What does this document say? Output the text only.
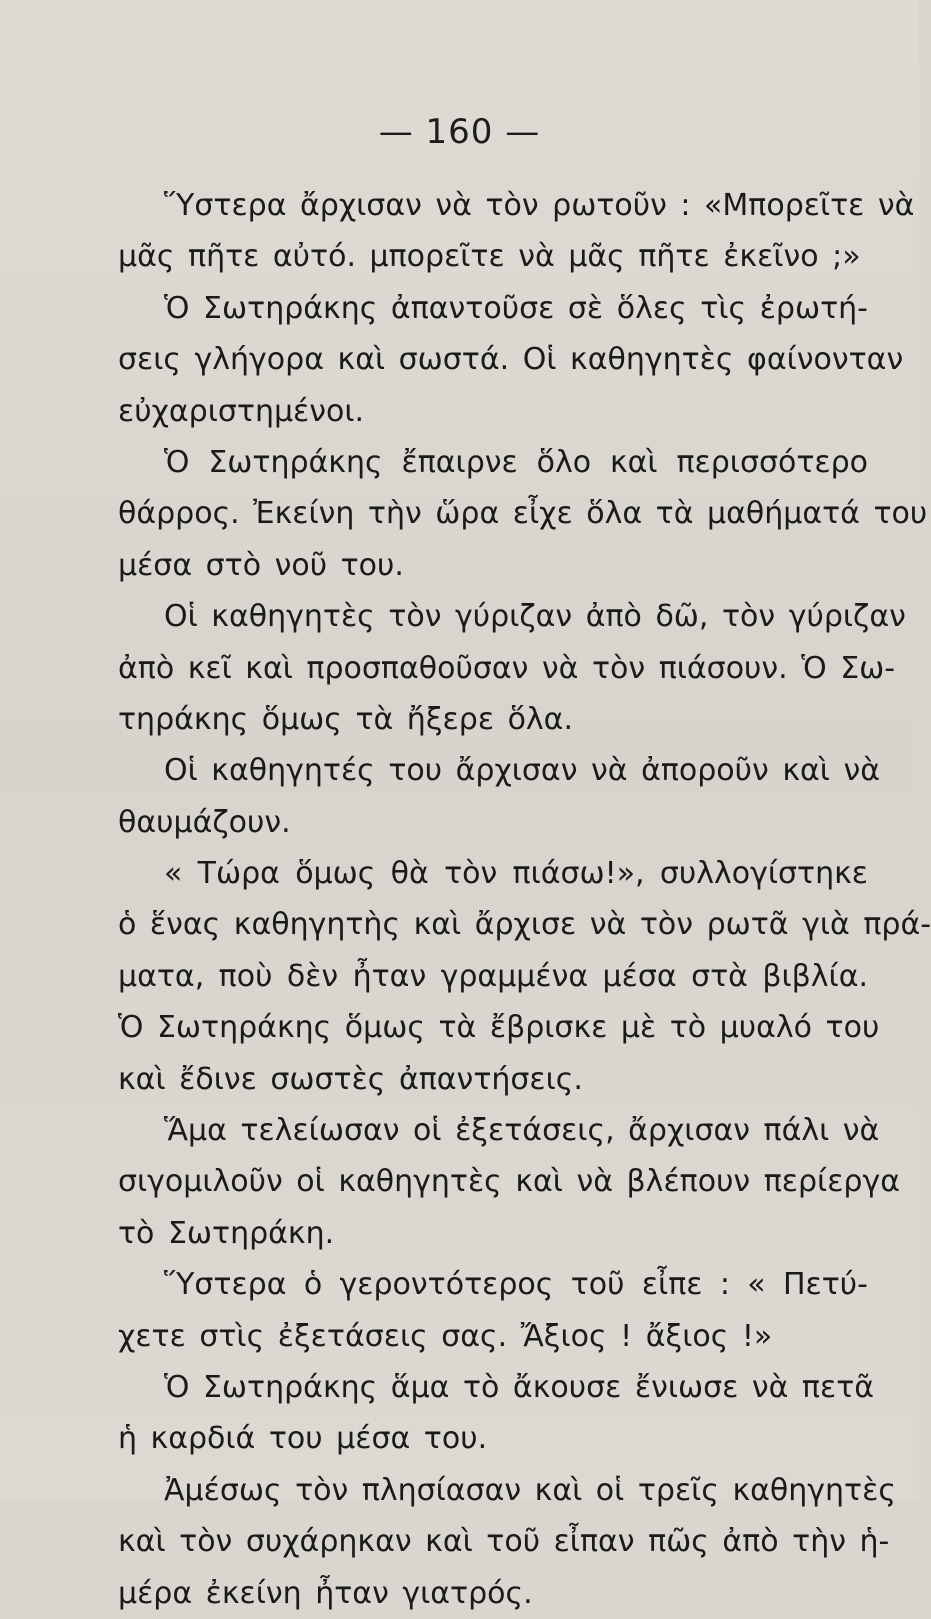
— 160 —
Ὕστερα ἄρχισαν νὰ τὸν ρωτοῦν : «Μπορεῖτε νὰ
μᾶς πῆτε αὐτό. μπορεῖτε νὰ μᾶς πῆτε ἐκεῖνο ;»
Ὁ Σωτηράκης ἀπαντοῦσε σὲ ὅλες τὶς ἐρωτή-
σεις γλήγορα καὶ σωστά. Οἱ καθηγητὲς φαίνονταν
εὐχαριστημένοι.
Ὁ Σωτηράκης ἔπαιρνε ὅλο καὶ περισσότερο
θάρρος. Ἐκείνη τὴν ὥρα εἶχε ὅλα τὰ μαθήματά του
μέσα στὸ νοῦ του.
Οἱ καθηγητὲς τὸν γύριζαν ἀπὸ δῶ, τὸν γύριζαν
ἀπὸ κεῖ καὶ προσπαθοῦσαν νὰ τὸν πιάσουν. Ὁ Σω-
τηράκης ὅμως τὰ ἤξερε ὅλα.
Οἱ καθηγητές του ἄρχισαν νὰ ἀποροῦν καὶ νὰ
θαυμάζουν.
« Τώρα ὅμως θὰ τὸν πιάσω!», συλλογίστηκε
ὁ ἕνας καθηγητὴς καὶ ἄρχισε νὰ τὸν ρωτᾶ γιὰ πρά-
ματα, ποὺ δὲν ἦταν γραμμένα μέσα στὰ βιβλία.
Ὁ Σωτηράκης ὅμως τὰ ἔβρισκε μὲ τὸ μυαλό του
καὶ ἔδινε σωστὲς ἀπαντήσεις.
Ἅμα τελείωσαν οἱ ἐξετάσεις, ἄρχισαν πάλι νὰ
σιγομιλοῦν οἱ καθηγητὲς καὶ νὰ βλέπουν περίεργα
τὸ Σωτηράκη.
Ὕστερα ὁ γεροντότερος τοῦ εἶπε : « Πετύ-
χετε στὶς ἐξετάσεις σας. Ἄξιος ! ἄξιος !»
Ὁ Σωτηράκης ἅμα τὸ ἄκουσε ἔνιωσε νὰ πετᾶ
ἡ καρδιά του μέσα του.
Ἀμέσως τὸν πλησίασαν καὶ οἱ τρεῖς καθηγητὲς
καὶ τὸν συχάρηκαν καὶ τοῦ εἶπαν πῶς ἀπὸ τὴν ἡ-
μέρα ἐκείνη ἦταν γιατρός.
